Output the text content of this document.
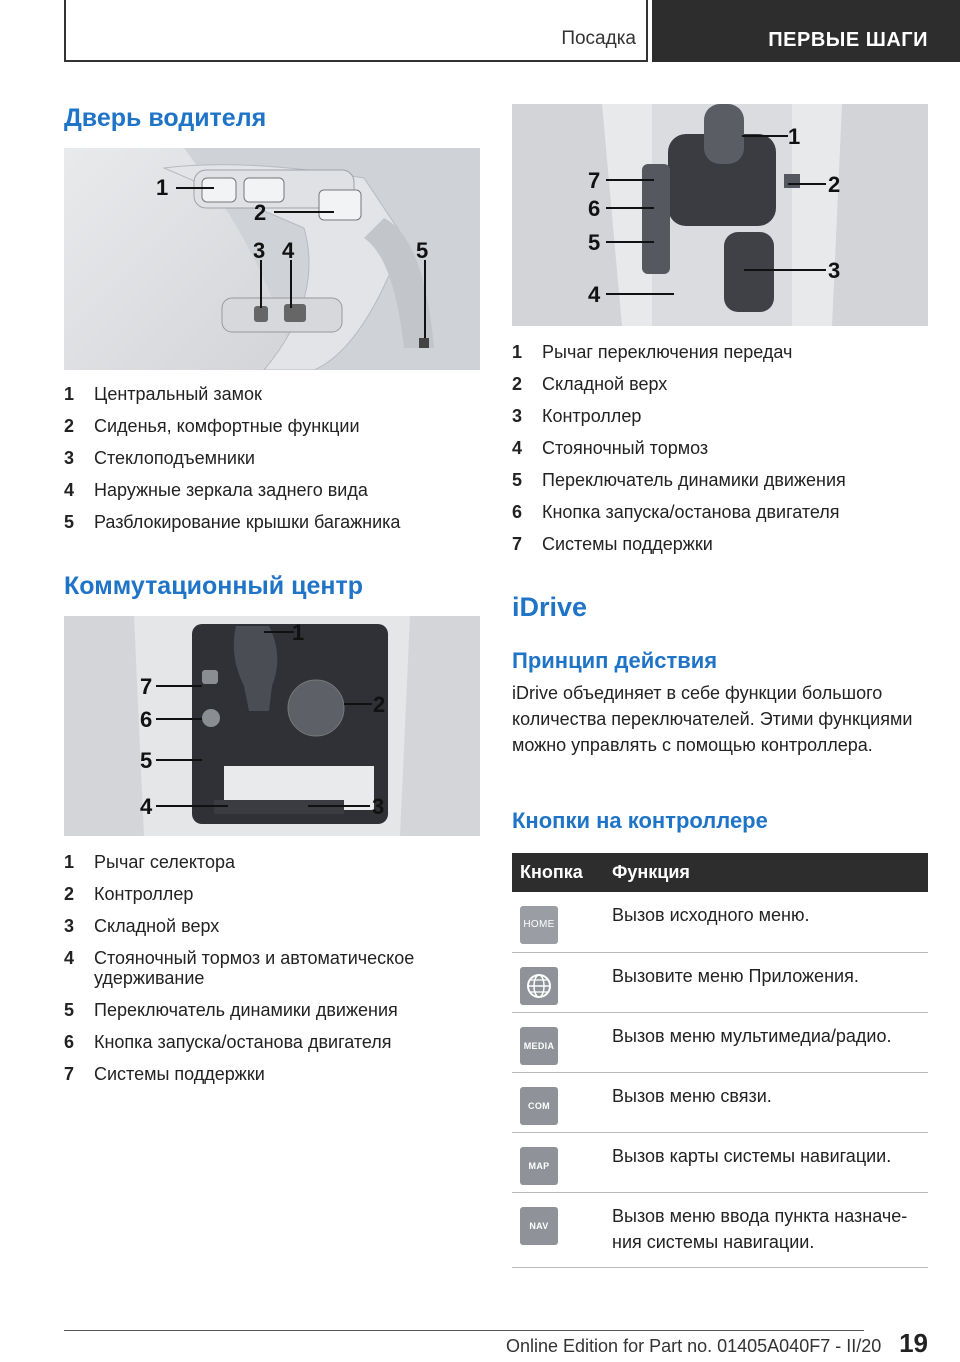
Посадка	ПЕРВЫЕ ШАГИ
Дверь водителя
1
2
3 4	5
1	Центральный замок
2	Сиденья, комфортные функции
3	Стеклоподъемники
4	Наружные зеркала заднего вида
5	Разблокирование крышки багажника
Коммутационный центр
1
2
3
4
5
6
7
1	Рычаг селектора
2	Контроллер
3	Складной верх
4	Стояночный тормоз и автоматическое удерживание
5	Переключатель динамики движения
6	Кнопка запуска/останова двигателя
7	Системы поддержки
1
2
3
4
5
6
7
1	Рычаг переключения передач
2	Складной верх
3	Контроллер
4	Стояночный тормоз
5	Переключатель динамики движения
6	Кнопка запуска/останова двигателя
7	Системы поддержки
iDrive
Принцип действия
iDrive объединяет в себе функции большого количества переключателей. Этими функциями можно управлять с помощью контроллера.
Кнопки на контроллере
Кнопка	Функция

HOME	Вызов исходного меню.

	Вызовите меню Приложения.

MEDIA	Вызов меню мультимедиа/радио.

COM	Вызов меню связи.

MAP	Вызов карты системы навигации.

NAV	Вызов меню ввода пункта назначения системы навигации.
19
Online Edition for Part no. 01405A040F7 - II/20
